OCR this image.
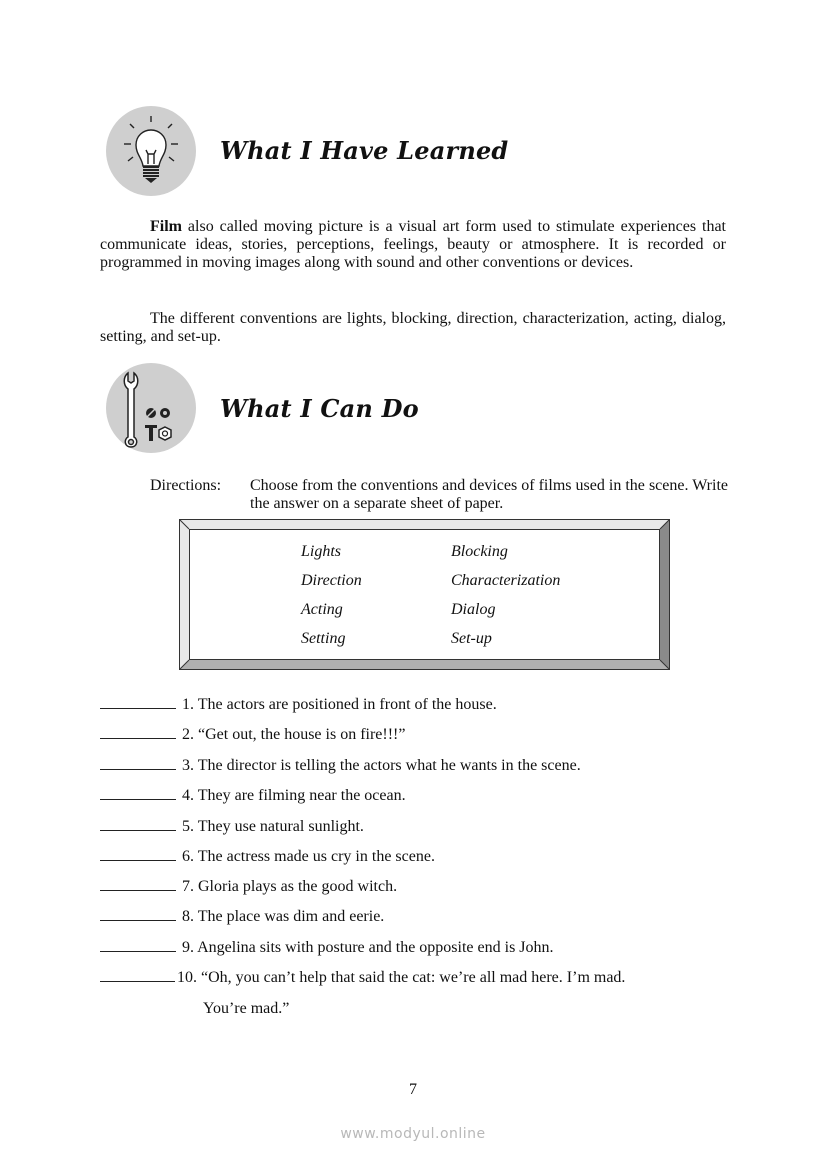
What I Have Learned
Film also called moving picture is a visual art form used to stimulate experiences that communicate ideas, stories, perceptions, feelings, beauty or atmosphere. It is recorded or programmed in moving images along with sound and other conventions or devices.
The different conventions are lights, blocking, direction, characterization, acting, dialog, setting, and set-up.
What I Can Do
Directions: Choose from the conventions and devices of films used in the scene. Write the answer on a separate sheet of paper.
Lights	Blocking
Direction	Characterization
Acting	Dialog
Setting	Set-up
1. The actors are positioned in front of the house.
2. “Get out, the house is on fire!!!”
3. The director is telling the actors what he wants in the scene.
4. They are filming near the ocean.
5. They use natural sunlight.
6. The actress made us cry in the scene.
7. Gloria plays as the good witch.
8. The place was dim and eerie.
9. Angelina sits with posture and the opposite end is John.
10. “Oh, you can’t help that said the cat: we’re all mad here. I’m mad.
You’re mad.”
7
www.modyul.online
